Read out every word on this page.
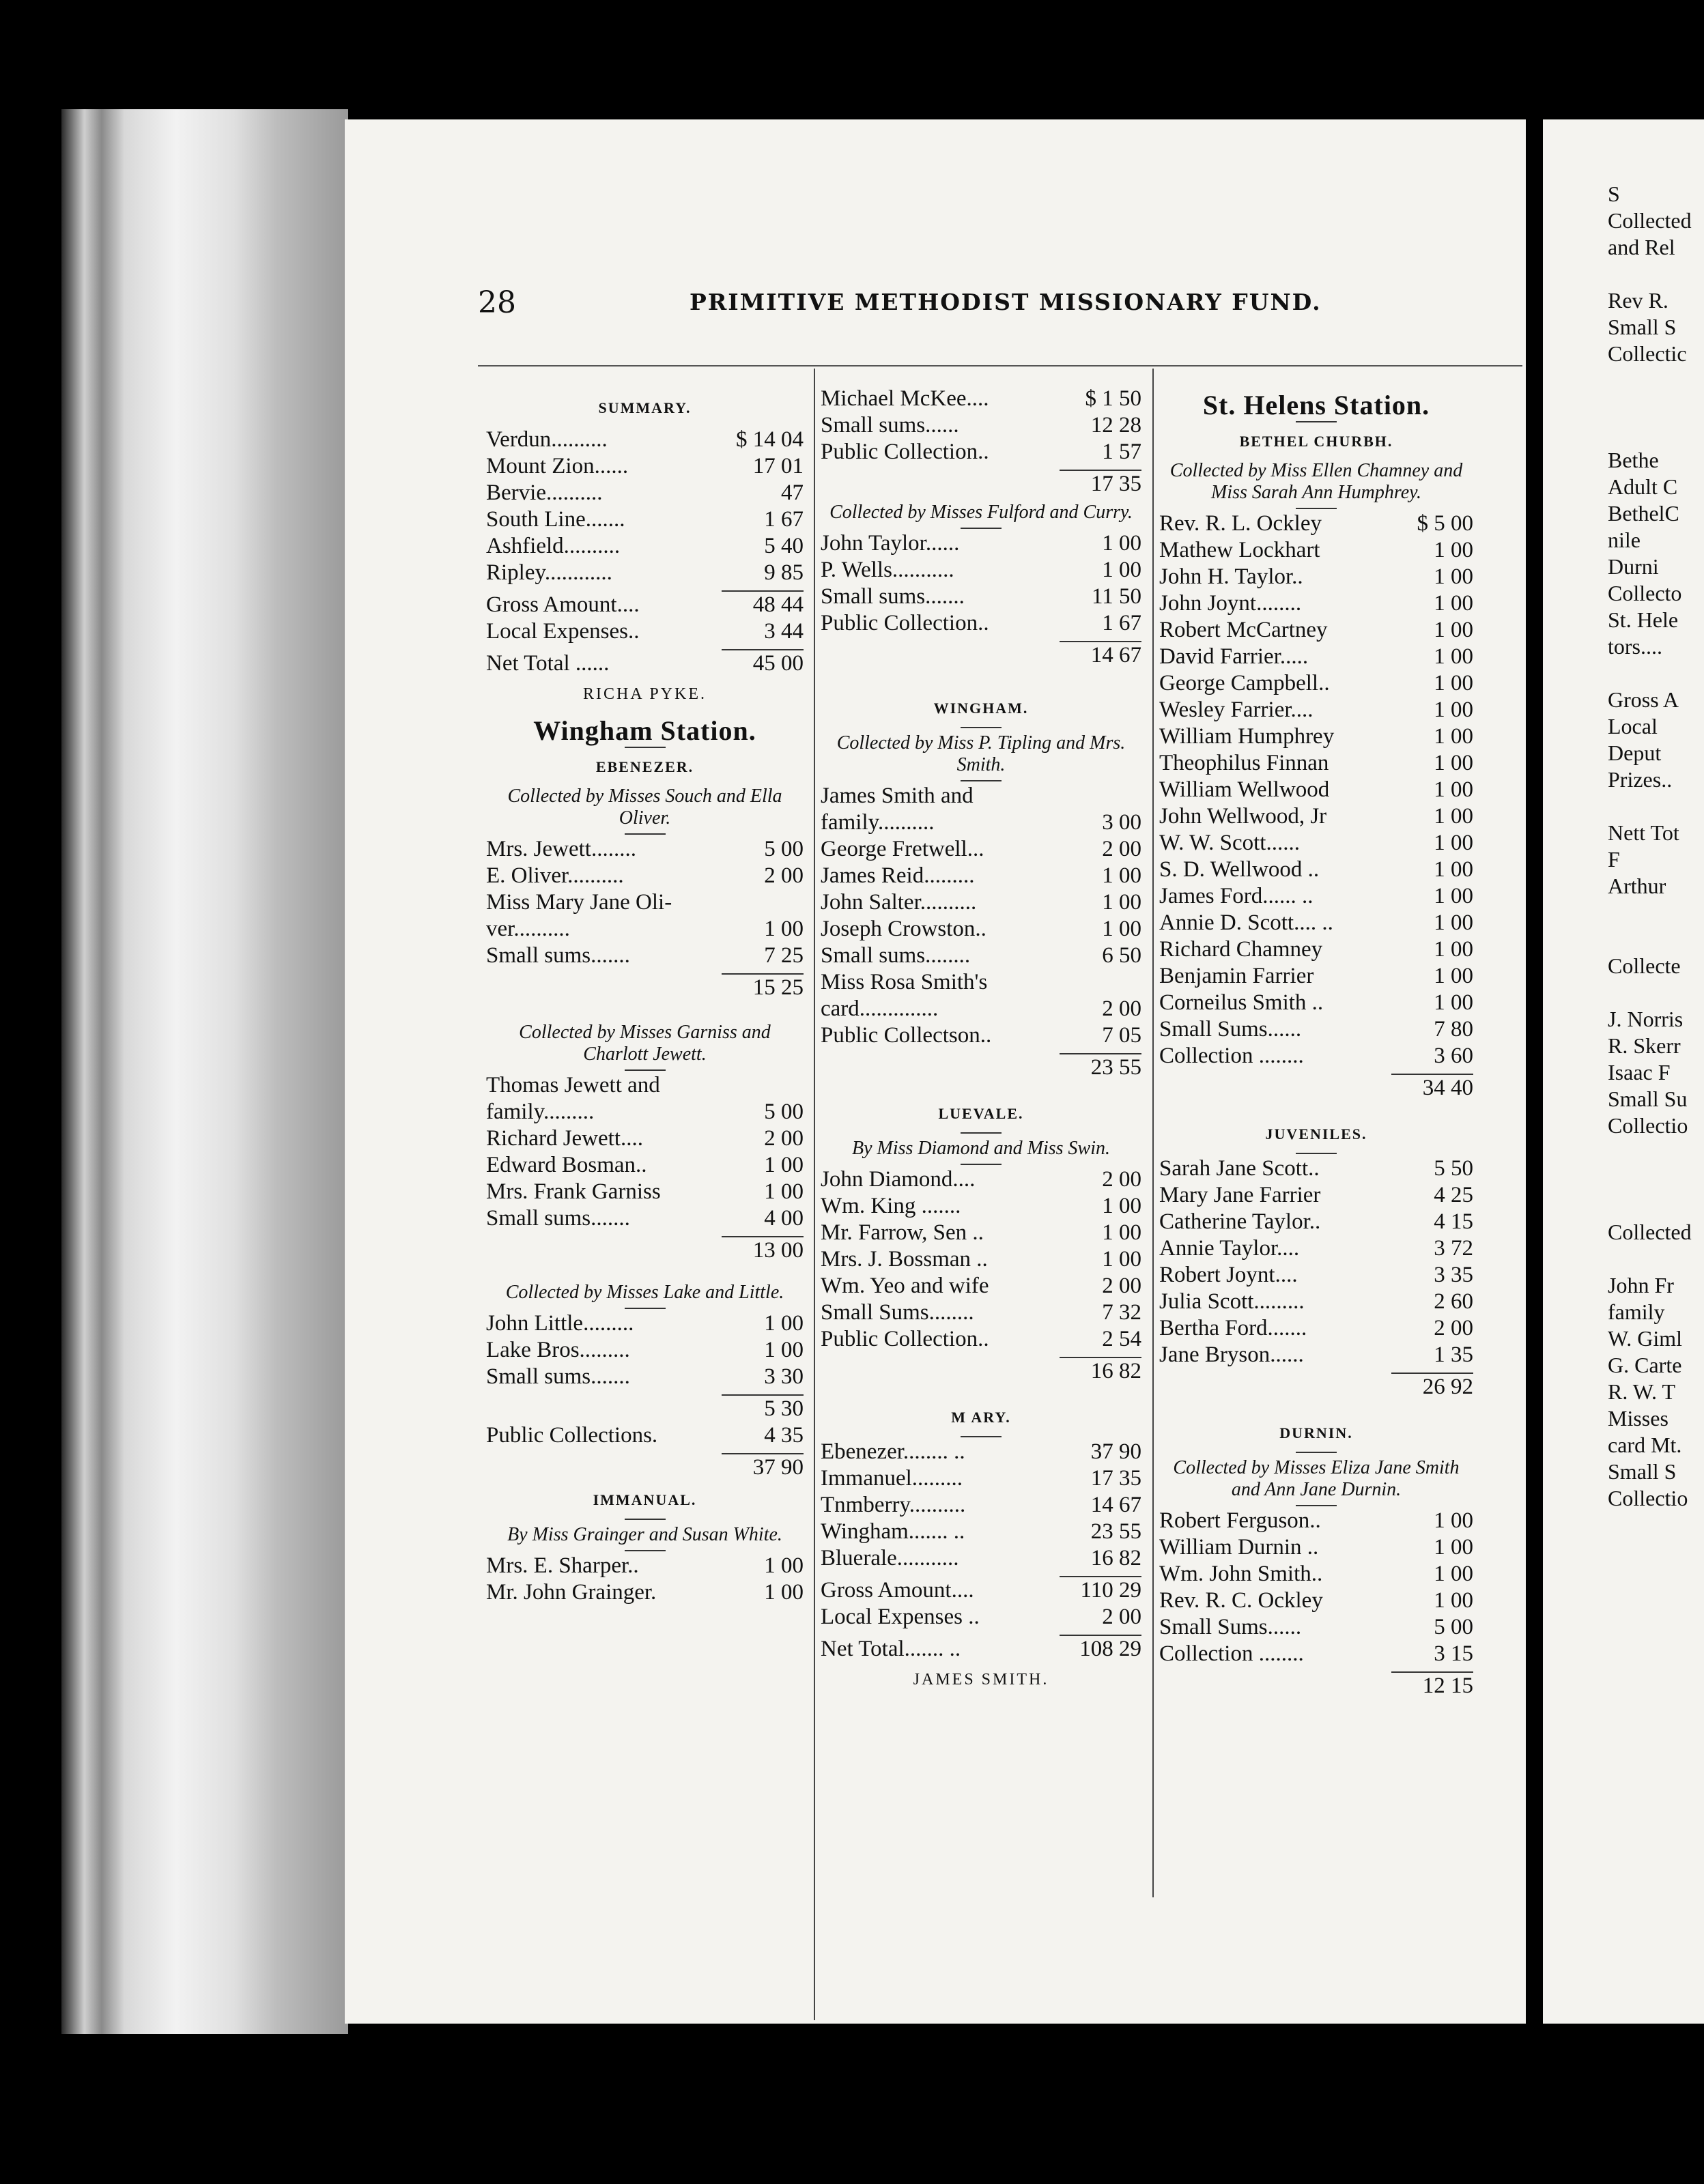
S
Collected
and Rel

Rev R.
Small S
Collectic

Bethe
Adult C
BethelC
nile
Durni
Collecto
St. Hele
tors....

Gross A
Local
Deput
Prizes..

Nett Tot
F
Arthur

Collecte

J. Norris
R. Skerr
Isaac F
Small Su
Collectio

Collected

John Fr
family
W. Giml
G. Carte
R. W. T
Misses
card Mt.
Small S
Collectio
28	PRIMITIVE METHODIST MISSIONARY FUND.
SUMMARY.
Verdun..........	$ 14 04
Mount Zion......	17 01
Bervie..........	47
South Line.......	1 67
Ashfield..........	5 40
Ripley............	9 85
Gross Amount....	48 44
Local Expenses..	3 44
Net Total ......	45 00
RICHA PYKE.
Wingham Station.
EBENEZER.
Collected by Misses Souch and Ella Oliver.
Mrs. Jewett........	5 00
E. Oliver..........	2 00
Miss Mary Jane Oli-
ver..........	1 00
Small sums.......	7 25
15 25
Collected by Misses Garniss and Charlott Jewett.
Thomas Jewett and
family.........	5 00
Richard Jewett....	2 00
Edward Bosman..	1 00
Mrs. Frank Garniss	1 00
Small sums.......	4 00
13 00
Collected by Misses Lake and Little.
John Little.........	1 00
Lake Bros.........	1 00
Small sums.......	3 30
5 30
Public Collections.	4 35
37 90
IMMANUAL.
By Miss Grainger and Susan White.
Mrs. E. Sharper..	1 00
Mr. John Grainger.	1 00
Michael McKee....	$ 1 50
Small sums......	12 28
Public Collection..	1 57
17 35
Collected by Misses Fulford and Curry.
John Taylor......	1 00
P. Wells...........	1 00
Small sums.......	11 50
Public Collection..	1 67
14 67
WINGHAM.
Collected by Miss P. Tipling and Mrs. Smith.
James Smith and
family..........	3 00
George Fretwell...	2 00
James Reid.........	1 00
John Salter..........	1 00
Joseph Crowston..	1 00
Small sums........	6 50
Miss Rosa Smith's
card..............	2 00
Public Collectson..	7 05
23 55
LUEVALE.
By Miss Diamond and Miss Swin.
John Diamond....	2 00
Wm. King .......	1 00
Mr. Farrow, Sen ..	1 00
Mrs. J. Bossman ..	1 00
Wm. Yeo and wife	2 00
Small Sums........	7 32
Public Collection..	2 54
16 82
M ARY.
Ebenezer........ ..	37 90
Immanuel.........	17 35
Tnmberry..........	14 67
Wingham....... ..	23 55
Bluerale...........	16 82
Gross Amount....	110 29
Local Expenses ..	2 00
Net Total....... ..	108 29
JAMES SMITH.
St. Helens Station.
BETHEL CHURBH.
Collected by Miss Ellen Chamney and Miss Sarah Ann Humphrey.
Rev. R. L. Ockley	$ 5 00
Mathew Lockhart	1 00
John H. Taylor..	1 00
John Joynt........	1 00
Robert McCartney	1 00
David Farrier.....	1 00
George Campbell..	1 00
Wesley Farrier....	1 00
William Humphrey	1 00
Theophilus Finnan	1 00
William Wellwood	1 00
John Wellwood, Jr	1 00
W. W. Scott......	1 00
S. D. Wellwood ..	1 00
James Ford...... ..	1 00
Annie D. Scott.... ..	1 00
Richard Chamney	1 00
Benjamin Farrier	1 00
Corneilus Smith ..	1 00
Small Sums......	7 80
Collection ........	3 60
34 40
JUVENILES.
Sarah Jane Scott..	5 50
Mary Jane Farrier	4 25
Catherine Taylor..	4 15
Annie Taylor....	3 72
Robert Joynt....	3 35
Julia Scott.........	2 60
Bertha Ford.......	2 00
Jane Bryson......	1 35
26 92
DURNIN.
Collected by Misses Eliza Jane Smith and Ann Jane Durnin.
Robert Ferguson..	1 00
William Durnin ..	1 00
Wm. John Smith..	1 00
Rev. R. C. Ockley	1 00
Small Sums......	5 00
Collection ........	3 15
12 15
